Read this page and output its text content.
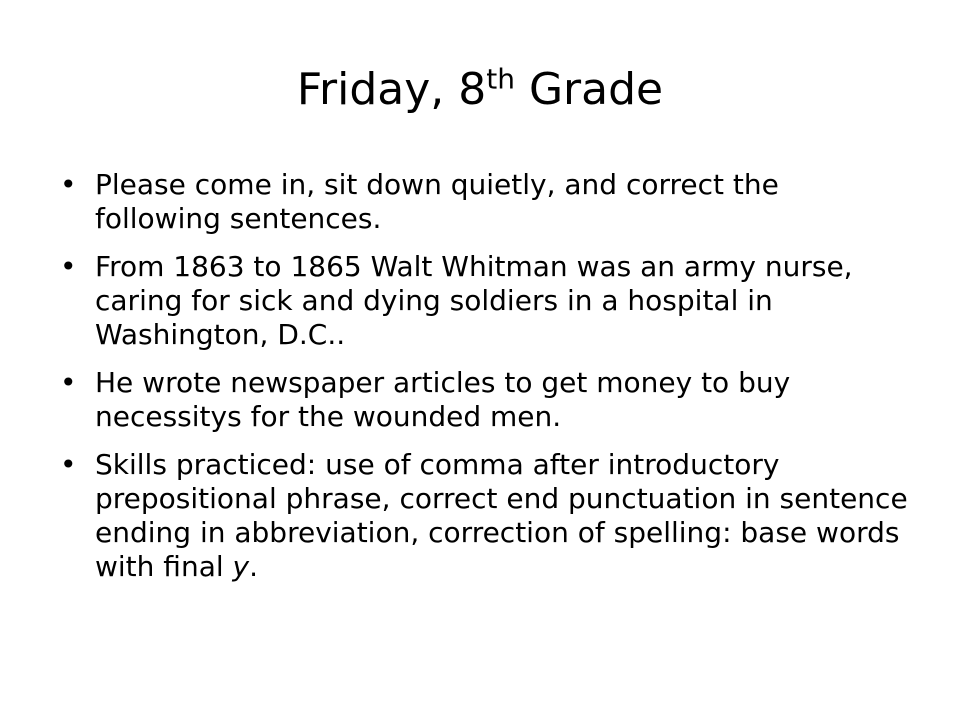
Friday, 8th Grade
• Please come in, sit down quietly, and correct the following sentences.
• From 1863 to 1865 Walt Whitman was an army nurse, caring for sick and dying soldiers in a hospital in Washington, D.C..
• He wrote newspaper articles to get money to buy necessitys for the wounded men.
• Skills practiced: use of comma after introductory prepositional phrase, correct end punctuation in sentence ending in abbreviation, correction of spelling: base words with final y.
